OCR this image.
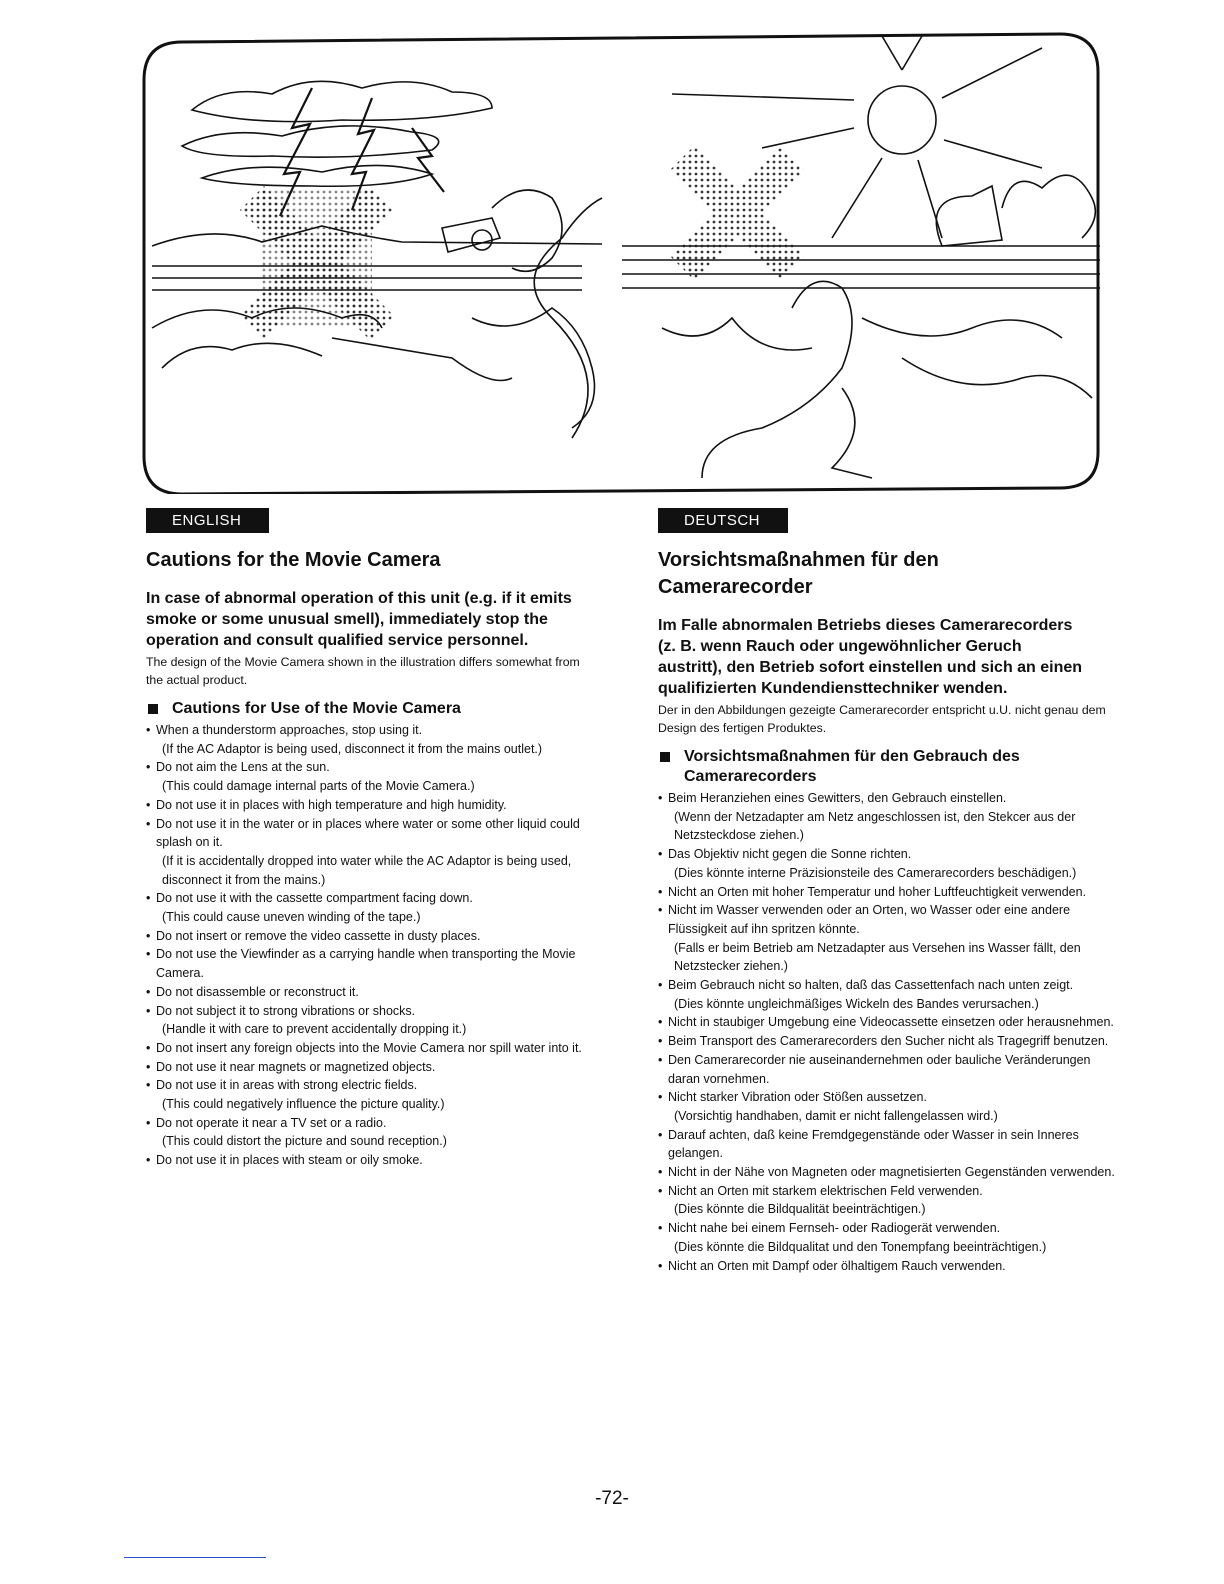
ENGLISH
Cautions for the Movie Camera

In case of abnormal operation of this unit (e.g. if it emits smoke or some unusual smell), immediately stop the operation and consult qualified service personnel.

The design of the Movie Camera shown in the illustration differs somewhat from the actual product.

Cautions for Use of the Movie Camera
• When a thunderstorm approaches, stop using it.
(If the AC Adaptor is being used, disconnect it from the mains outlet.)
• Do not aim the Lens at the sun.
(This could damage internal parts of the Movie Camera.)
• Do not use it in places with high temperature and high humidity.
• Do not use it in the water or in places where water or some other liquid could splash on it.
(If it is accidentally dropped into water while the AC Adaptor is being used, disconnect it from the mains.)
• Do not use it with the cassette compartment facing down.
(This could cause uneven winding of the tape.)
• Do not insert or remove the video cassette in dusty places.
• Do not use the Viewfinder as a carrying handle when transporting the Movie Camera.
• Do not disassemble or reconstruct it.
• Do not subject it to strong vibrations or shocks.
(Handle it with care to prevent accidentally dropping it.)
• Do not insert any foreign objects into the Movie Camera nor spill water into it.
• Do not use it near magnets or magnetized objects.
• Do not use it in areas with strong electric fields.
(This could negatively influence the picture quality.)
• Do not operate it near a TV set or a radio.
(This could distort the picture and sound reception.)
• Do not use it in places with steam or oily smoke.
DEUTSCH
Vorsichtsmaßnahmen für den Camerarecorder

Im Falle abnormalen Betriebs dieses Camerarecorders (z. B. wenn Rauch oder ungewöhnlicher Geruch austritt), den Betrieb sofort einstellen und sich an einen qualifizierten Kundendiensttechniker wenden.

Der in den Abbildungen gezeigte Camerarecorder entspricht u.U. nicht genau dem Design des fertigen Produktes.

Vorsichtsmaßnahmen für den Gebrauch des Camerarecorders
• Beim Heranziehen eines Gewitters, den Gebrauch einstellen.
(Wenn der Netzadapter am Netz angeschlossen ist, den Stekcer aus der Netzsteckdose ziehen.)
• Das Objektiv nicht gegen die Sonne richten.
(Dies könnte interne Präzisionsteile des Camerarecorders beschädigen.)
• Nicht an Orten mit hoher Temperatur und hoher Luftfeuchtigkeit verwenden.
• Nicht im Wasser verwenden oder an Orten, wo Wasser oder eine andere Flüssigkeit auf ihn spritzen könnte.
(Falls er beim Betrieb am Netzadapter aus Versehen ins Wasser fällt, den Netzstecker ziehen.)
• Beim Gebrauch nicht so halten, daß das Cassettenfach nach unten zeigt.
(Dies könnte ungleichmäßiges Wickeln des Bandes verursachen.)
• Nicht in staubiger Umgebung eine Videocassette einsetzen oder herausnehmen.
• Beim Transport des Camerarecorders den Sucher nicht als Tragegriff benutzen.
• Den Camerarecorder nie auseinandernehmen oder bauliche Veränderungen daran vornehmen.
• Nicht starker Vibration oder Stößen aussetzen.
(Vorsichtig handhaben, damit er nicht fallengelassen wird.)
• Darauf achten, daß keine Fremdgegenstände oder Wasser in sein Inneres gelangen.
• Nicht in der Nähe von Magneten oder magnetisierten Gegenständen verwenden.
• Nicht an Orten mit starkem elektrischen Feld verwenden.
(Dies könnte die Bildqualität beeinträchtigen.)
• Nicht nahe bei einem Fernseh- oder Radiogerät verwenden.
(Dies könnte die Bildqualitat und den Tonempfang beeinträchtigen.)
• Nicht an Orten mit Dampf oder ölhaltigem Rauch verwenden.
-72-
